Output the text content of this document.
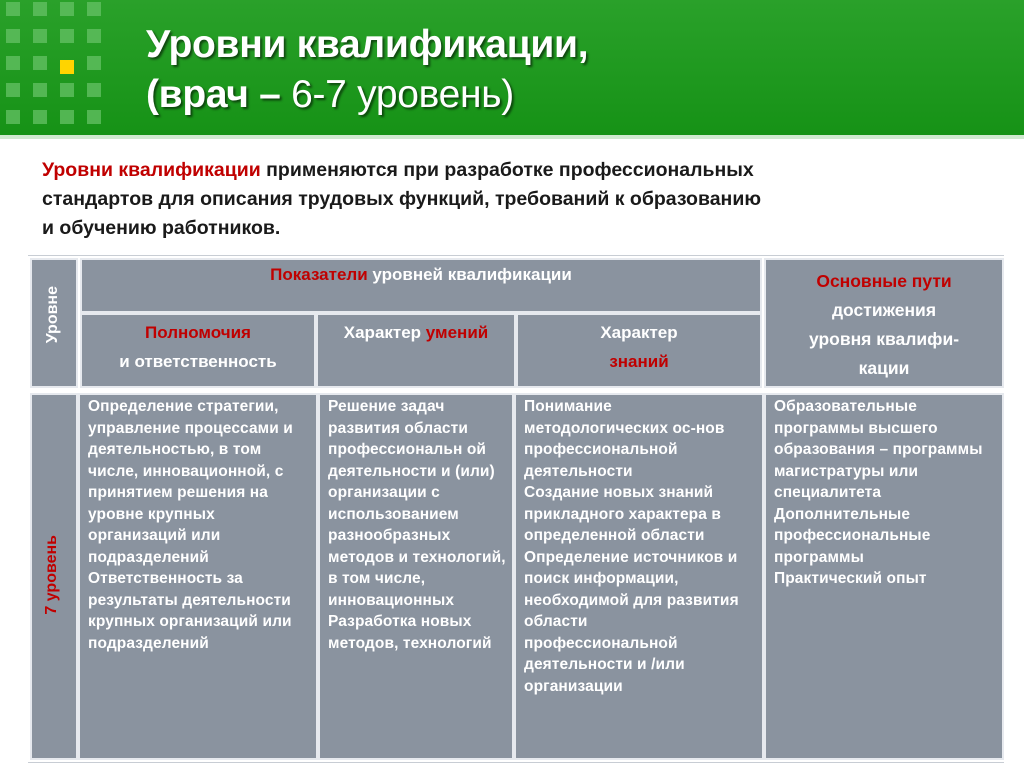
Уровни квалификации,
(врач – 6-7 уровень)
Уровни квалификации применяются при разработке профессиональных
стандартов для описания трудовых функций, требований к образованию
и обучению работников.
Уровне
Показатели уровней квалификации	Основные пути
достижения
уровня квалифи-
кации
Полномочия
и ответственность
Характер умений	Характер
знаний
7 уровень

Определение стратегии, управление процессами и деятельностью, в том числе, инновационной, с принятием решения на уровне крупных организаций или подразделений

Ответственность за результаты деятельности крупных организаций или подразделений

Решение задач развития области профессиональн ой деятельности и (или) организации с использованием разнообразных методов и технологий, в том числе, инновационных

Разработка новых методов, технологий

Понимание методологических ос-нов профессиональной деятельности

Создание новых знаний прикладного характера в определенной области

Определение источников и поиск информации, необходимой для развития области профессиональной деятельности и /или организации

Образовательные программы высшего образования – программы магистратуры или специалитета

Дополнительные профессиональные программы

Практический опыт
